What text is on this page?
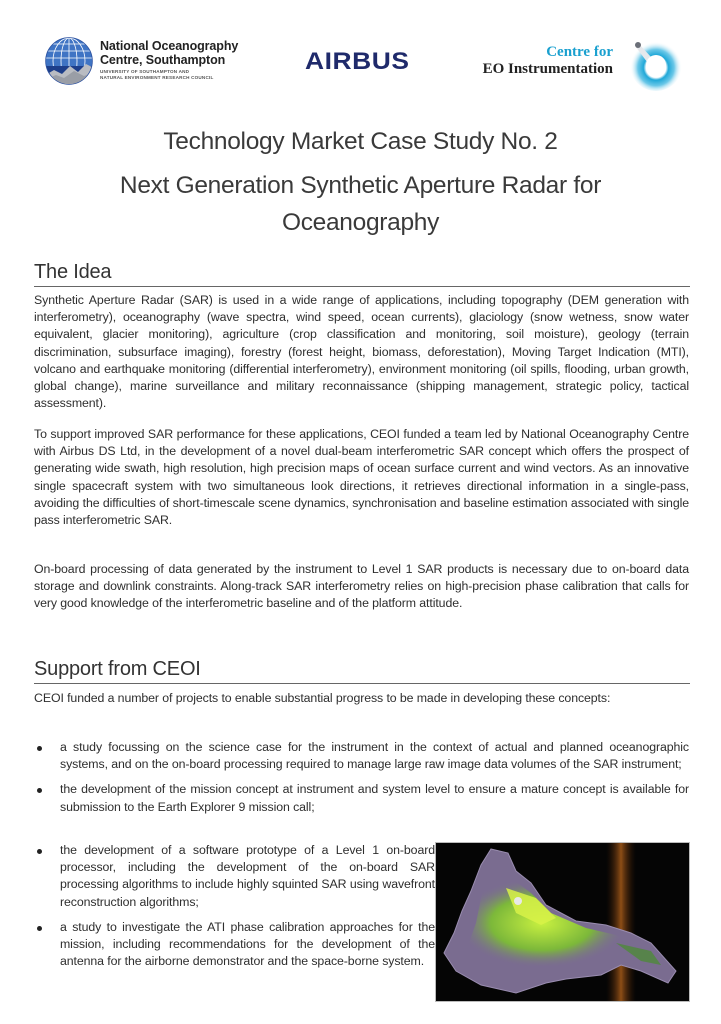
National Oceanography
Centre, Southampton
UNIVERSITY OF SOUTHAMPTON AND
NATURAL ENVIRONMENT RESEARCH COUNCIL
AIRBUS	Centre for
EO Instrumentation
Technology Market Case Study No. 2
Next Generation Synthetic Aperture Radar for
Oceanography
The Idea

Synthetic Aperture Radar (SAR) is used in a wide range of applications, including topography (DEM generation with interferometry), oceanography (wave spectra, wind speed, ocean currents), glaciology (snow wetness, snow water equivalent, glacier monitoring), agriculture (crop classification and monitoring, soil moisture), geology (terrain discrimination, subsurface imaging), forestry (forest height, biomass, deforestation), Moving Target Indication (MTI), volcano and earthquake monitoring (differential interferometry), environment monitoring (oil spills, flooding, urban growth, global change), marine surveillance and military reconnaissance (shipping management, strategic policy, tactical assessment).

To support improved SAR performance for these applications, CEOI funded a team led by National Oceanography Centre with Airbus DS Ltd, in the development of a novel dual-beam interferometric SAR concept which offers the prospect of generating wide swath, high resolution, high precision maps of ocean surface current and wind vectors. As an innovative single spacecraft system with two simultaneous look directions, it retrieves directional information in a single-pass, avoiding the difficulties of short-timescale scene dynamics, synchronisation and baseline estimation associated with single pass interferometric SAR.

On-board processing of data generated by the instrument to Level 1 SAR products is necessary due to on-board data storage and downlink constraints. Along-track SAR interferometry relies on high-precision phase calibration that calls for very good knowledge of the interferometric baseline and of the platform attitude.

Support from CEOI

CEOI funded a number of projects to enable substantial progress to be made in developing these concepts:

a study focussing on the science case for the instrument in the context of actual and planned oceanographic systems, and on the on-board processing required to manage large raw image data volumes of the SAR instrument;
the development of the mission concept at instrument and system level to ensure a mature concept is available for submission to the Earth Explorer 9 mission call;
the development of a software prototype of a Level 1 on-board processor, including the development of the on-board SAR processing algorithms to include highly squinted SAR using wavefront reconstruction algorithms;
a study to investigate the ATI phase calibration approaches for the mission, including recommendations for the development of the antenna for the airborne demonstrator and the space-borne system.
